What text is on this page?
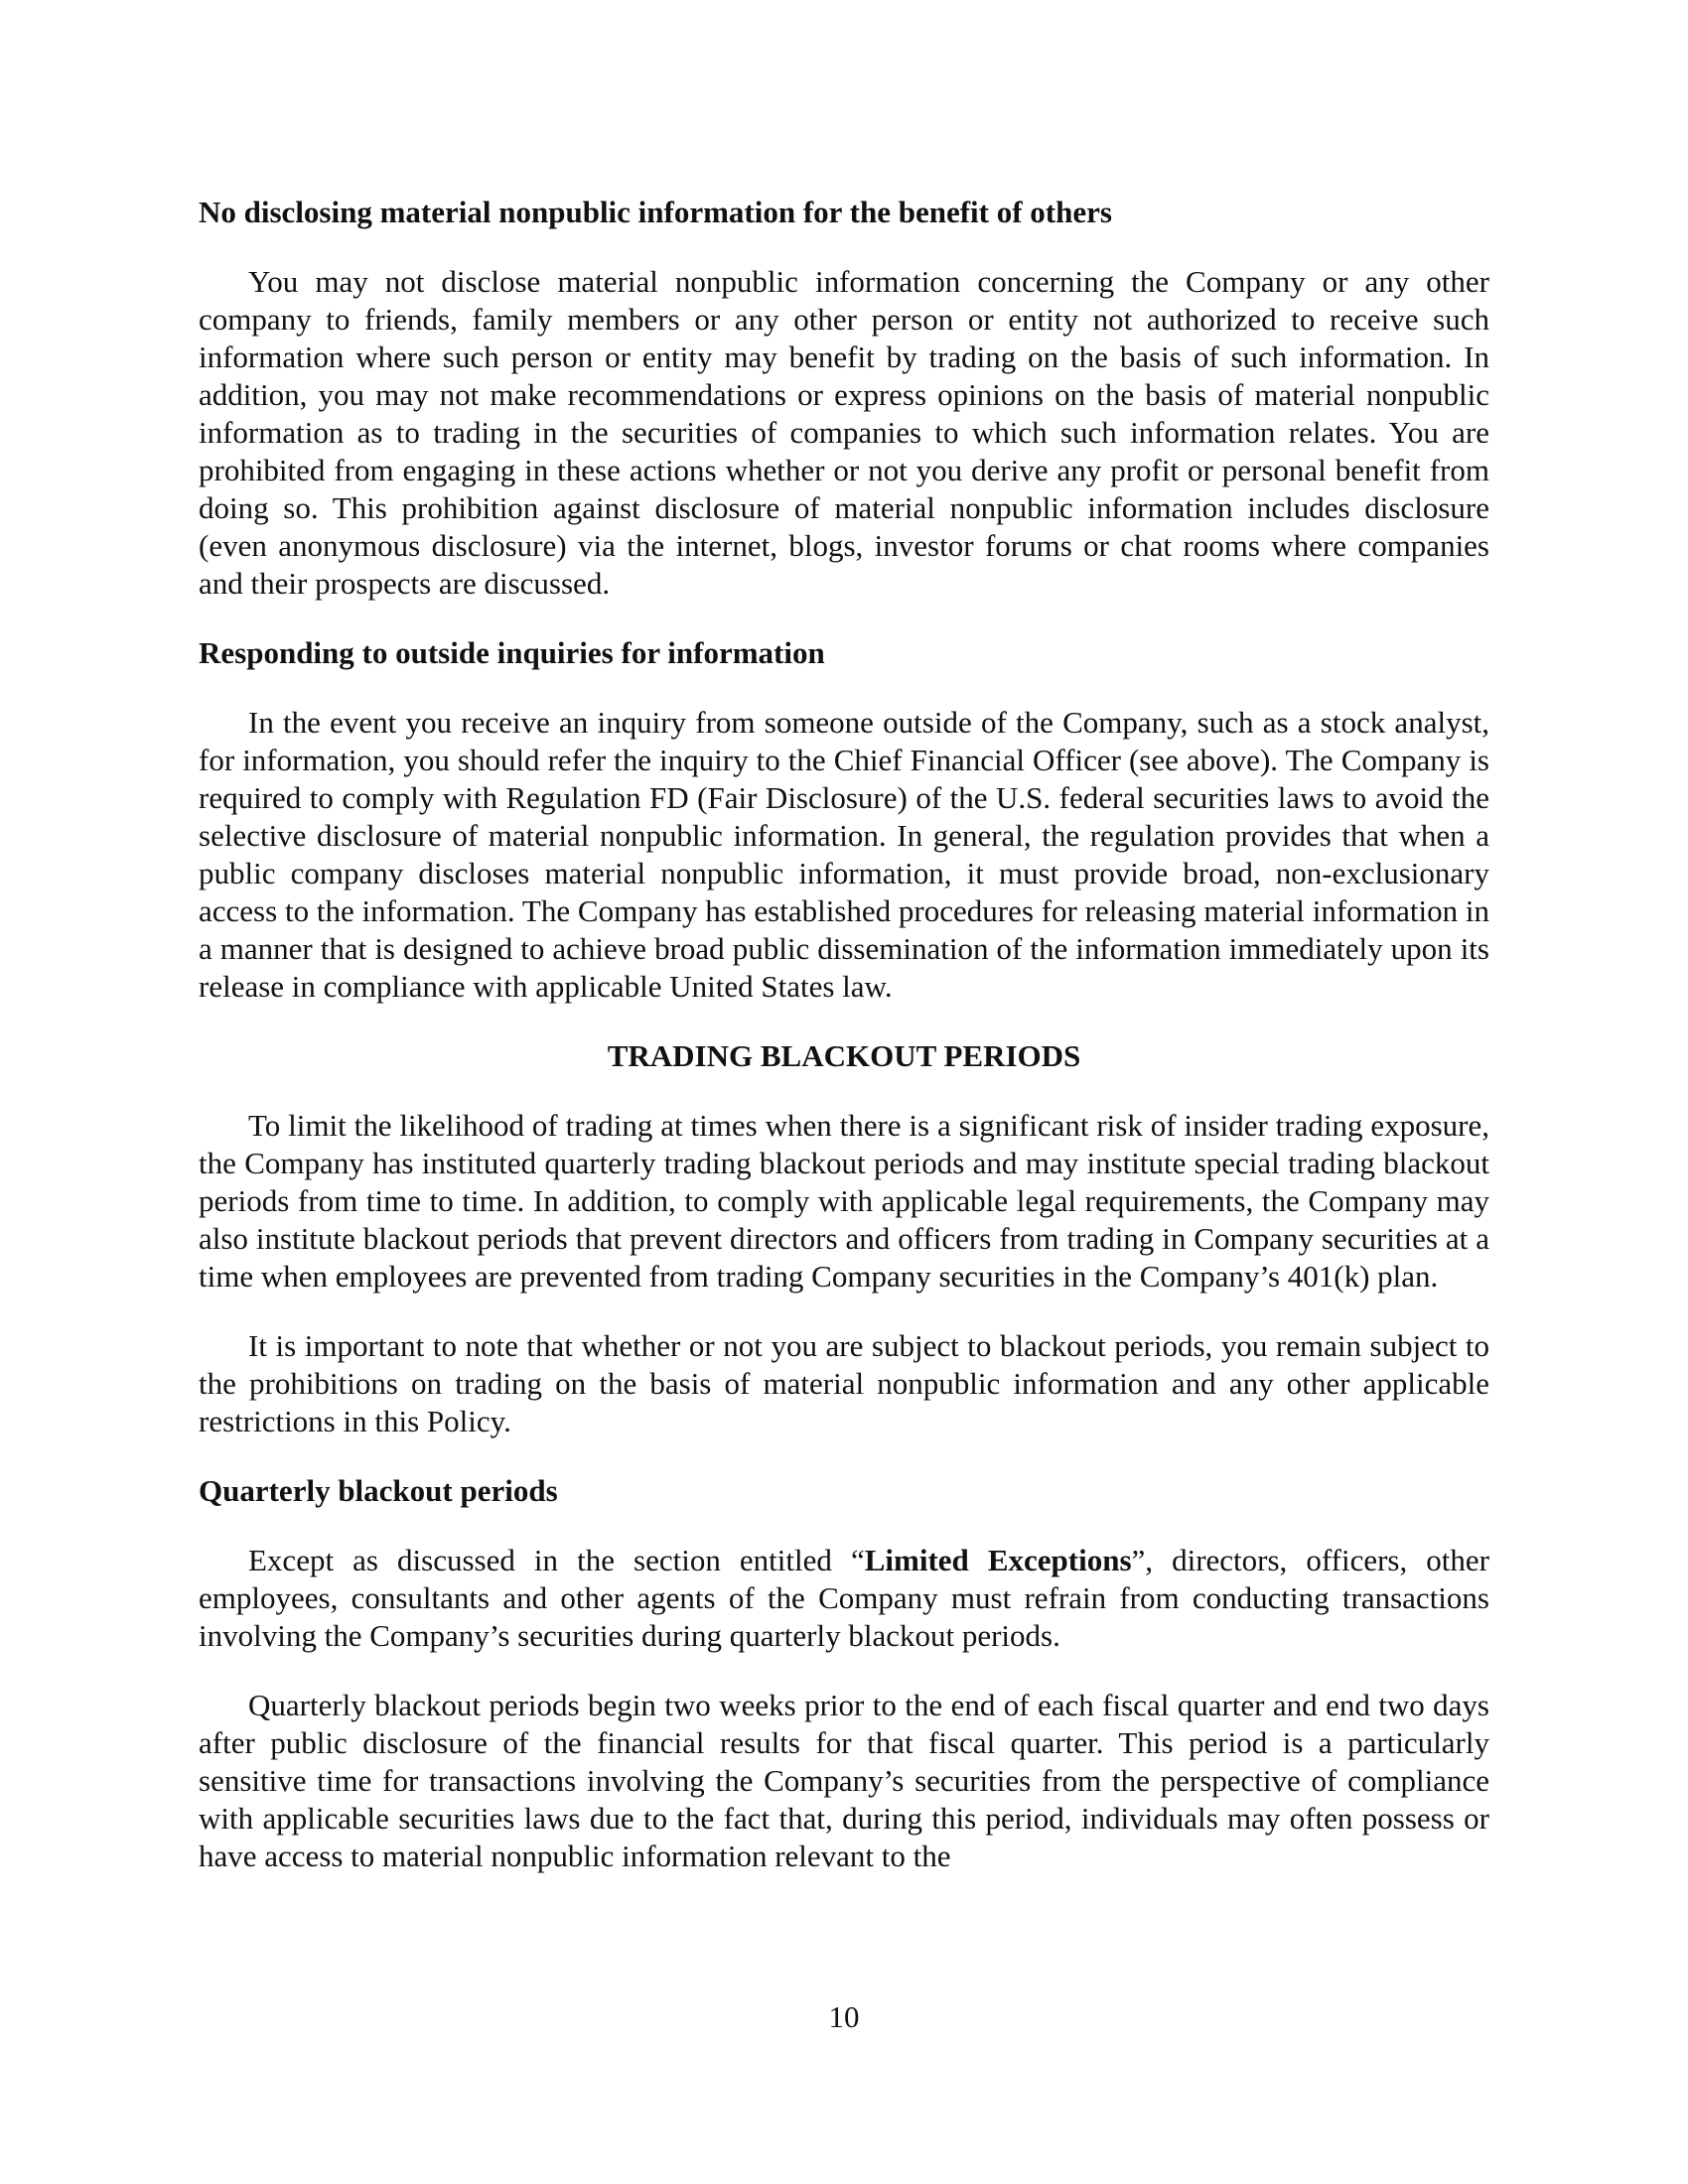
No disclosing material nonpublic information for the benefit of others

You may not disclose material nonpublic information concerning the Company or any other company to friends, family members or any other person or entity not authorized to receive such information where such person or entity may benefit by trading on the basis of such information. In addition, you may not make recommendations or express opinions on the basis of material nonpublic information as to trading in the securities of companies to which such information relates. You are prohibited from engaging in these actions whether or not you derive any profit or personal benefit from doing so. This prohibition against disclosure of material nonpublic information includes disclosure (even anonymous disclosure) via the internet, blogs, investor forums or chat rooms where companies and their prospects are discussed.

Responding to outside inquiries for information

In the event you receive an inquiry from someone outside of the Company, such as a stock analyst, for information, you should refer the inquiry to the Chief Financial Officer (see above). The Company is required to comply with Regulation FD (Fair Disclosure) of the U.S. federal securities laws to avoid the selective disclosure of material nonpublic information. In general, the regulation provides that when a public company discloses material nonpublic information, it must provide broad, non-exclusionary access to the information. The Company has established procedures for releasing material information in a manner that is designed to achieve broad public dissemination of the information immediately upon its release in compliance with applicable United States law.

TRADING BLACKOUT PERIODS

To limit the likelihood of trading at times when there is a significant risk of insider trading exposure, the Company has instituted quarterly trading blackout periods and may institute special trading blackout periods from time to time. In addition, to comply with applicable legal requirements, the Company may also institute blackout periods that prevent directors and officers from trading in Company securities at a time when employees are prevented from trading Company securities in the Company’s 401(k) plan.

It is important to note that whether or not you are subject to blackout periods, you remain subject to the prohibitions on trading on the basis of material nonpublic information and any other applicable restrictions in this Policy.

Quarterly blackout periods

Except as discussed in the section entitled “Limited Exceptions”, directors, officers, other employees, consultants and other agents of the Company must refrain from conducting transactions involving the Company’s securities during quarterly blackout periods.

Quarterly blackout periods begin two weeks prior to the end of each fiscal quarter and end two days after public disclosure of the financial results for that fiscal quarter. This period is a particularly sensitive time for transactions involving the Company’s securities from the perspective of compliance with applicable securities laws due to the fact that, during this period, individuals may often possess or have access to material nonpublic information relevant to the

10
